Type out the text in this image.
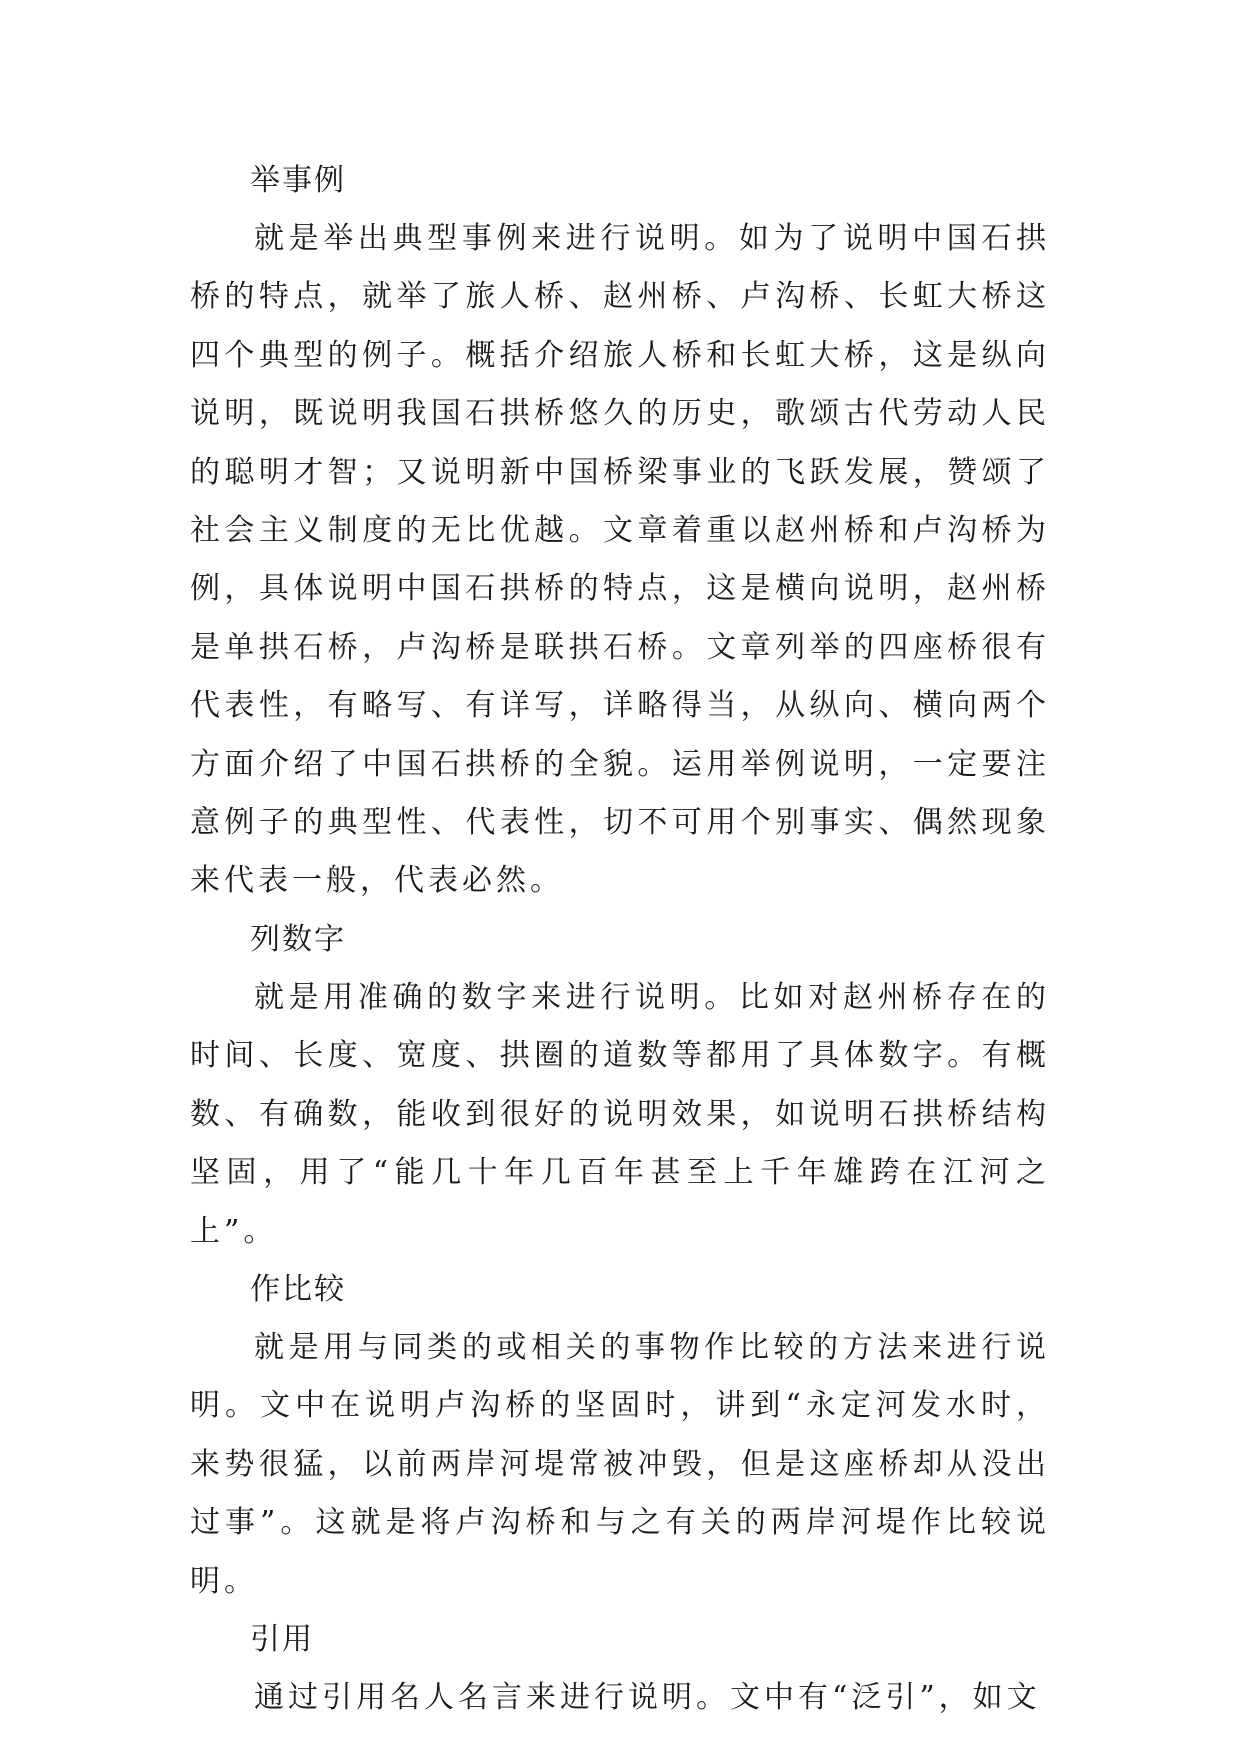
举事例

就是举出典型事例来进行说明。如为了说明中国石拱桥的特点，就举了旅人桥、赵州桥、卢沟桥、长虹大桥这四个典型的例子。概括介绍旅人桥和长虹大桥，这是纵向说明，既说明我国石拱桥悠久的历史，歌颂古代劳动人民的聪明才智；又说明新中国桥梁事业的飞跃发展，赞颂了社会主义制度的无比优越。文章着重以赵州桥和卢沟桥为例，具体说明中国石拱桥的特点，这是横向说明，赵州桥是单拱石桥，卢沟桥是联拱石桥。文章列举的四座桥很有代表性，有略写、有详写，详略得当，从纵向、横向两个方面介绍了中国石拱桥的全貌。运用举例说明，一定要注意例子的典型性、代表性，切不可用个别事实、偶然现象来代表一般，代表必然。

列数字

就是用准确的数字来进行说明。比如对赵州桥存在的时间、长度、宽度、拱圈的道数等都用了具体数字。有概数、有确数，能收到很好的说明效果，如说明石拱桥结构坚固，用了“能几十年几百年甚至上千年雄跨在江河之上”。

作比较

就是用与同类的或相关的事物作比较的方法来进行说明。文中在说明卢沟桥的坚固时，讲到“永定河发水时，来势很猛，以前两岸河堤常被冲毁，但是这座桥却从没出过事”。这就是将卢沟桥和与之有关的两岸河堤作比较说明。

引用

通过引用名人名言来进行说明。文中有“泛引”，如文
